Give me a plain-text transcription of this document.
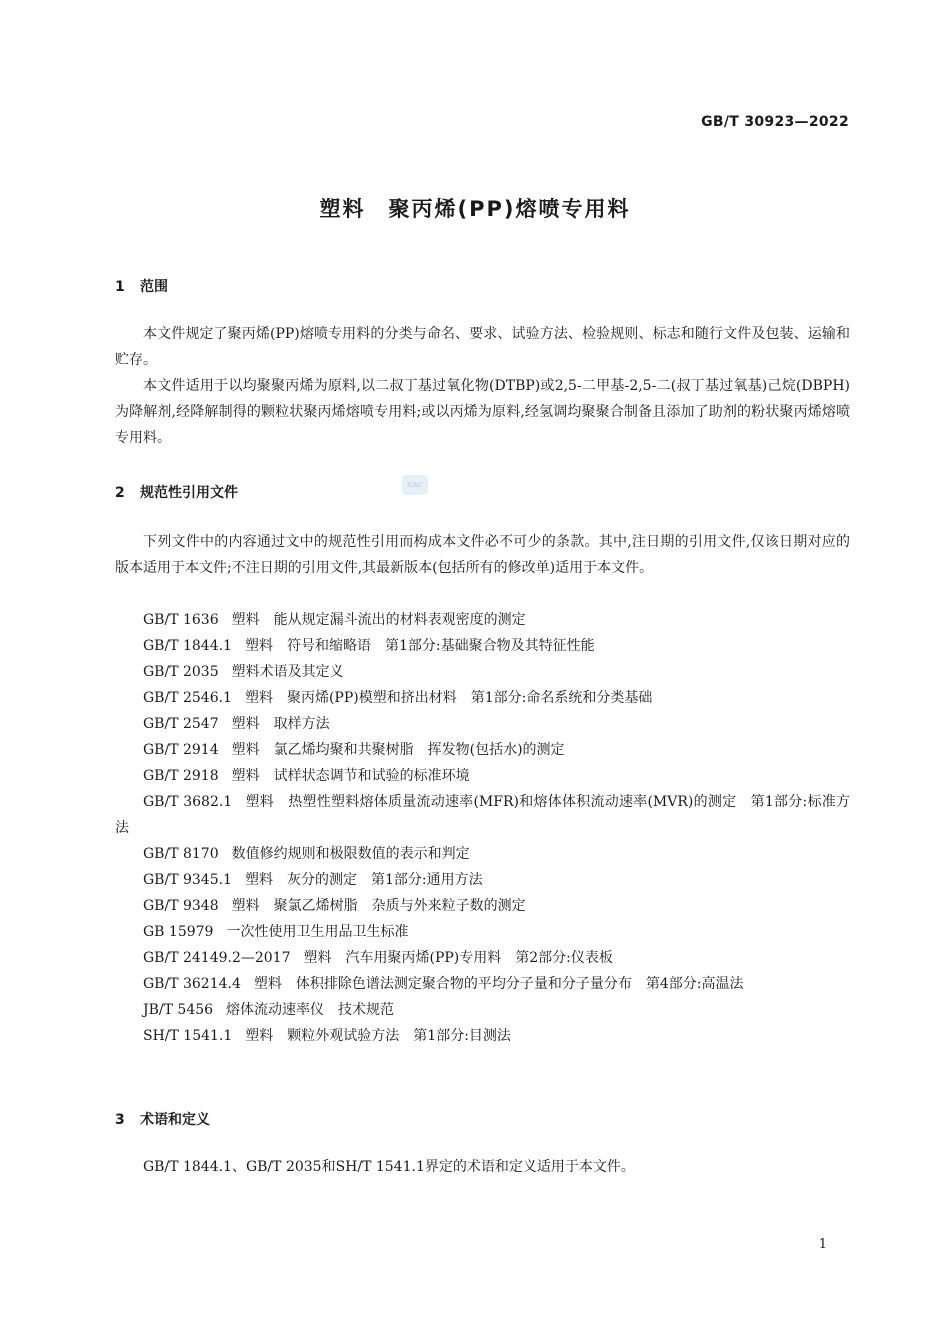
GB/T 30923—2022
塑料　聚丙烯(PP)熔喷专用料
1 范围
本文件规定了聚丙烯(PP)熔喷专用料的分类与命名、要求、试验方法、检验规则、标志和随行文件及包装、运输和贮存。
本文件适用于以均聚聚丙烯为原料,以二叔丁基过氧化物(DTBP)或2,5-二甲基-2,5-二(叔丁基过氧基)己烷(DBPH)为降解剂,经降解制得的颗粒状聚丙烯熔喷专用料;或以丙烯为原料,经氢调均聚聚合制备且添加了助剂的粉状聚丙烯熔喷专用料。
2 规范性引用文件	SAC
下列文件中的内容通过文中的规范性引用而构成本文件必不可少的条款。其中,注日期的引用文件,仅该日期对应的版本适用于本文件;不注日期的引用文件,其最新版本(包括所有的修改单)适用于本文件。
GB/T 1636 塑料　能从规定漏斗流出的材料表观密度的测定
GB/T 1844.1 塑料　符号和缩略语　第1部分:基础聚合物及其特征性能
GB/T 2035 塑料术语及其定义
GB/T 2546.1 塑料　聚丙烯(PP)模塑和挤出材料　第1部分:命名系统和分类基础
GB/T 2547 塑料　取样方法
GB/T 2914 塑料　氯乙烯均聚和共聚树脂　挥发物(包括水)的测定
GB/T 2918 塑料　试样状态调节和试验的标准环境
GB/T 3682.1 塑料　热塑性塑料熔体质量流动速率(MFR)和熔体体积流动速率(MVR)的测定　第1部分:标准方法
GB/T 8170 数值修约规则和极限数值的表示和判定
GB/T 9345.1 塑料　灰分的测定　第1部分:通用方法
GB/T 9348 塑料　聚氯乙烯树脂　杂质与外来粒子数的测定
GB 15979 一次性使用卫生用品卫生标准
GB/T 24149.2—2017 塑料　汽车用聚丙烯(PP)专用料　第2部分:仪表板
GB/T 36214.4 塑料　体积排除色谱法测定聚合物的平均分子量和分子量分布　第4部分:高温法
JB/T 5456 熔体流动速率仪　技术规范
SH/T 1541.1 塑料　颗粒外观试验方法　第1部分:目测法
3 术语和定义
GB/T 1844.1、GB/T 2035和SH/T 1541.1界定的术语和定义适用于本文件。
1
